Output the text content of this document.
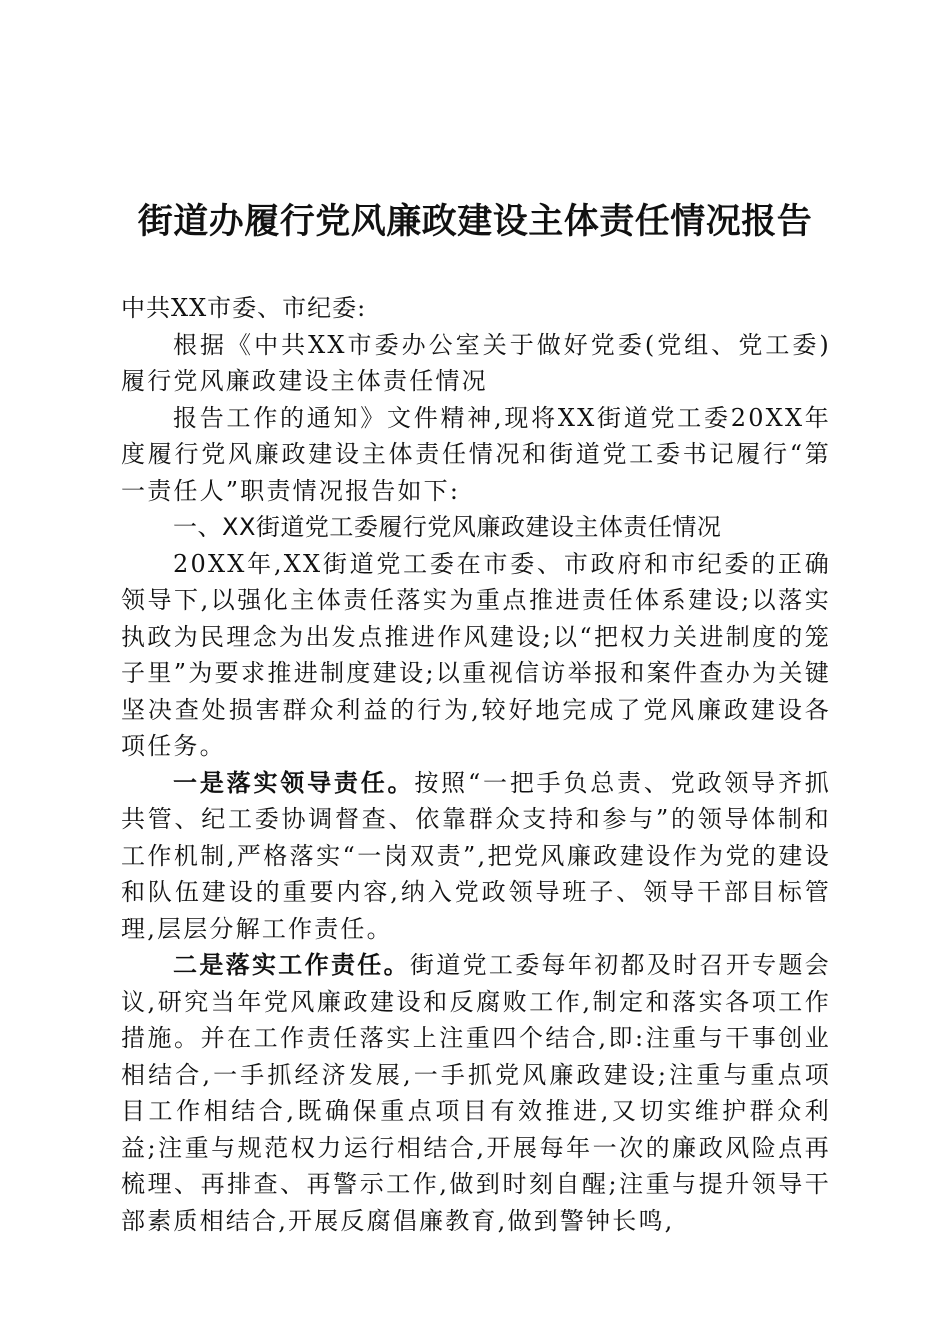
街道办履行党风廉政建设主体责任情况报告

中共XX市委、市纪委:

根据《中共XX市委办公室关于做好党委(党组、党工委)履行党风廉政建设主体责任情况

报告工作的通知》文件精神,现将XX街道党工委20XX年度履行党风廉政建设主体责任情况和街道党工委书记履行“第一责任人”职责情况报告如下:

一、XX街道党工委履行党风廉政建设主体责任情况

20XX年,XX街道党工委在市委、市政府和市纪委的正确领导下,以强化主体责任落实为重点推进责任体系建设;以落实执政为民理念为出发点推进作风建设;以“把权力关进制度的笼子里”为要求推进制度建设;以重视信访举报和案件查办为关键坚决查处损害群众利益的行为,较好地完成了党风廉政建设各项任务。

一是落实领导责任。按照“一把手负总责、党政领导齐抓共管、纪工委协调督查、依靠群众支持和参与”的领导体制和工作机制,严格落实“一岗双责”,把党风廉政建设作为党的建设和队伍建设的重要内容,纳入党政领导班子、领导干部目标管理,层层分解工作责任。

二是落实工作责任。街道党工委每年初都及时召开专题会议,研究当年党风廉政建设和反腐败工作,制定和落实各项工作措施。并在工作责任落实上注重四个结合,即:注重与干事创业相结合,一手抓经济发展,一手抓党风廉政建设;注重与重点项目工作相结合,既确保重点项目有效推进,又切实维护群众利益;注重与规范权力运行相结合,开展每年一次的廉政风险点再梳理、再排查、再警示工作,做到时刻自醒;注重与提升领导干部素质相结合,开展反腐倡廉教育,做到警钟长鸣,
